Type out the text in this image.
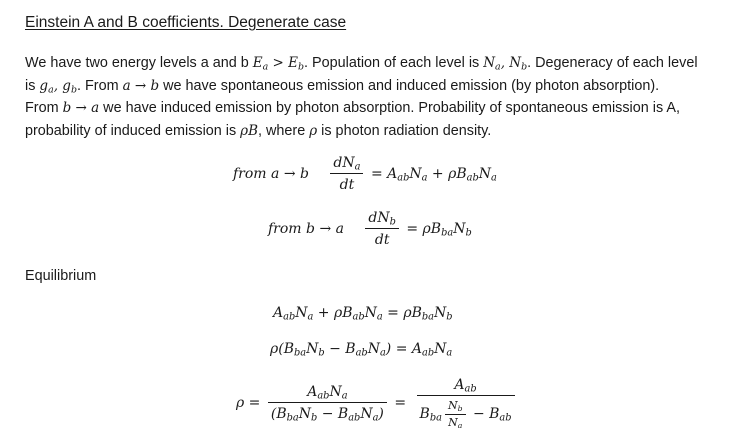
Einstein A and B coefficients. Degenerate case
We have two energy levels a and b $E_a > E_b$. Population of each level is $N_a$, $N_b$. Degeneracy of each level
is $g_a$, $g_b$. From a → b we have spontaneous emission and induced emission (by photon absorption).
From b → a we have induced emission by photon absorption. Probability of spontaneous emission is A,
probability of induced emission is ρB, where ρ is photon radiation density.
from a → b $\frac{dN_a}{dt} = A_{ab}N_a + \rho B_{ab}N_a$
from b → a $\frac{dN_b}{dt} = \rho B_{ba}N_b$
Equilibrium
$A_{ab}N_a + \rho B_{ab}N_a = \rho B_{ba}N_b$
$\rho(B_{ba}N_b - B_{ab}N_a) = A_{ab}N_a$
$\rho = \frac{A_{ab}N_a}{(B_{ba}N_b - B_{ab}N_a)} = \frac{A_{ab}}{B_{ba} \frac{N_b}{N_a} - B_{ab}}$
